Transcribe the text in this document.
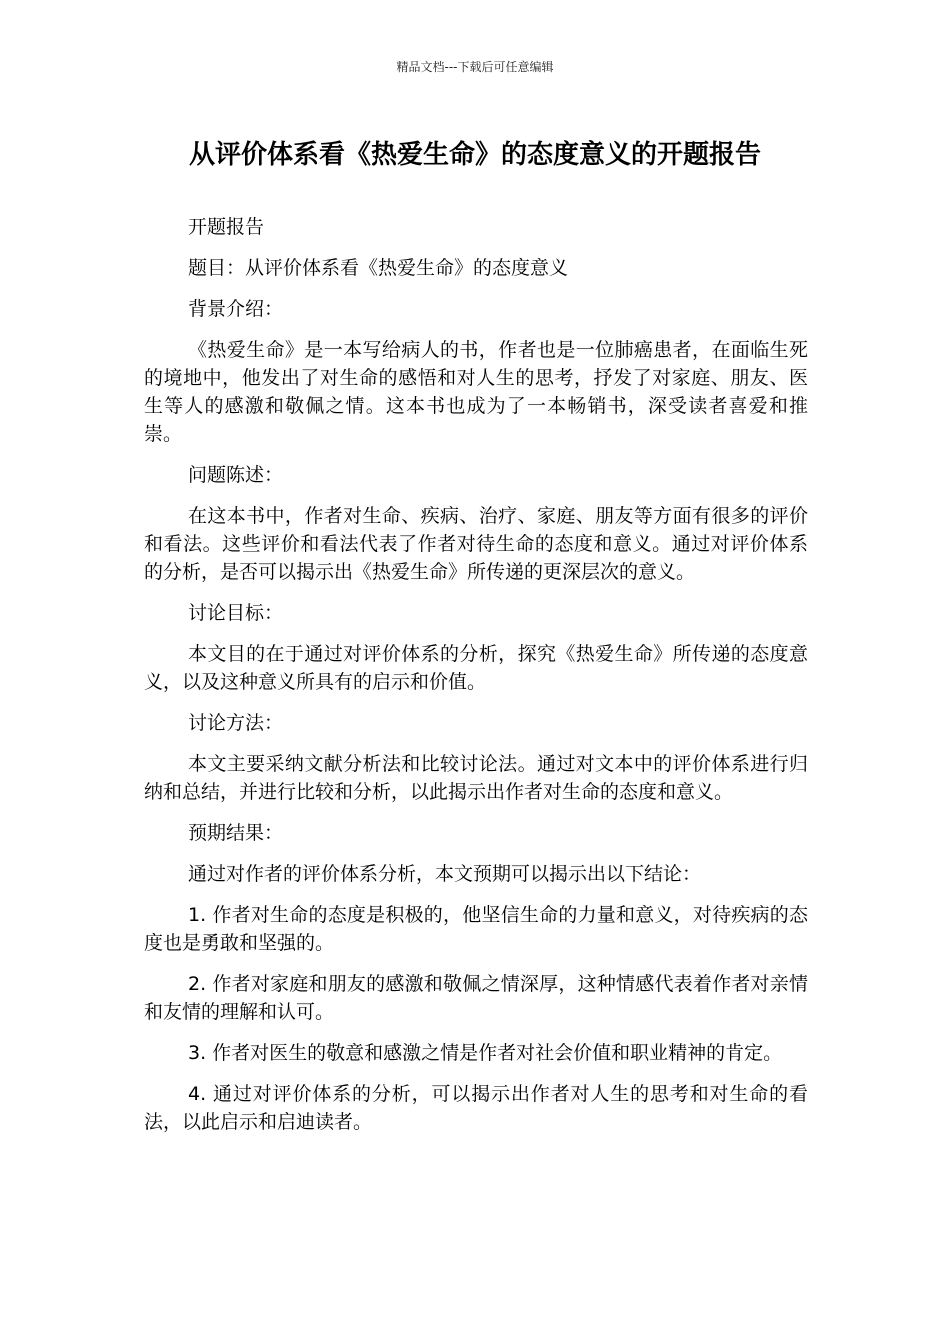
精品文档---下载后可任意编辑
从评价体系看《热爱生命》的态度意义的开题报告

开题报告

题目：从评价体系看《热爱生命》的态度意义

背景介绍：

《热爱生命》是一本写给病人的书，作者也是一位肺癌患者，在面临生死的境地中，他发出了对生命的感悟和对人生的思考，抒发了对家庭、朋友、医生等人的感激和敬佩之情。这本书也成为了一本畅销书，深受读者喜爱和推崇。

问题陈述：

在这本书中，作者对生命、疾病、治疗、家庭、朋友等方面有很多的评价和看法。这些评价和看法代表了作者对待生命的态度和意义。通过对评价体系的分析，是否可以揭示出《热爱生命》所传递的更深层次的意义。

讨论目标：

本文目的在于通过对评价体系的分析，探究《热爱生命》所传递的态度意义，以及这种意义所具有的启示和价值。

讨论方法：

本文主要采纳文献分析法和比较讨论法。通过对文本中的评价体系进行归纳和总结，并进行比较和分析，以此揭示出作者对生命的态度和意义。

预期结果：

通过对作者的评价体系分析，本文预期可以揭示出以下结论：

1. 作者对生命的态度是积极的，他坚信生命的力量和意义，对待疾病的态度也是勇敢和坚强的。

2. 作者对家庭和朋友的感激和敬佩之情深厚，这种情感代表着作者对亲情和友情的理解和认可。

3. 作者对医生的敬意和感激之情是作者对社会价值和职业精神的肯定。

4. 通过对评价体系的分析，可以揭示出作者对人生的思考和对生命的看法，以此启示和启迪读者。
